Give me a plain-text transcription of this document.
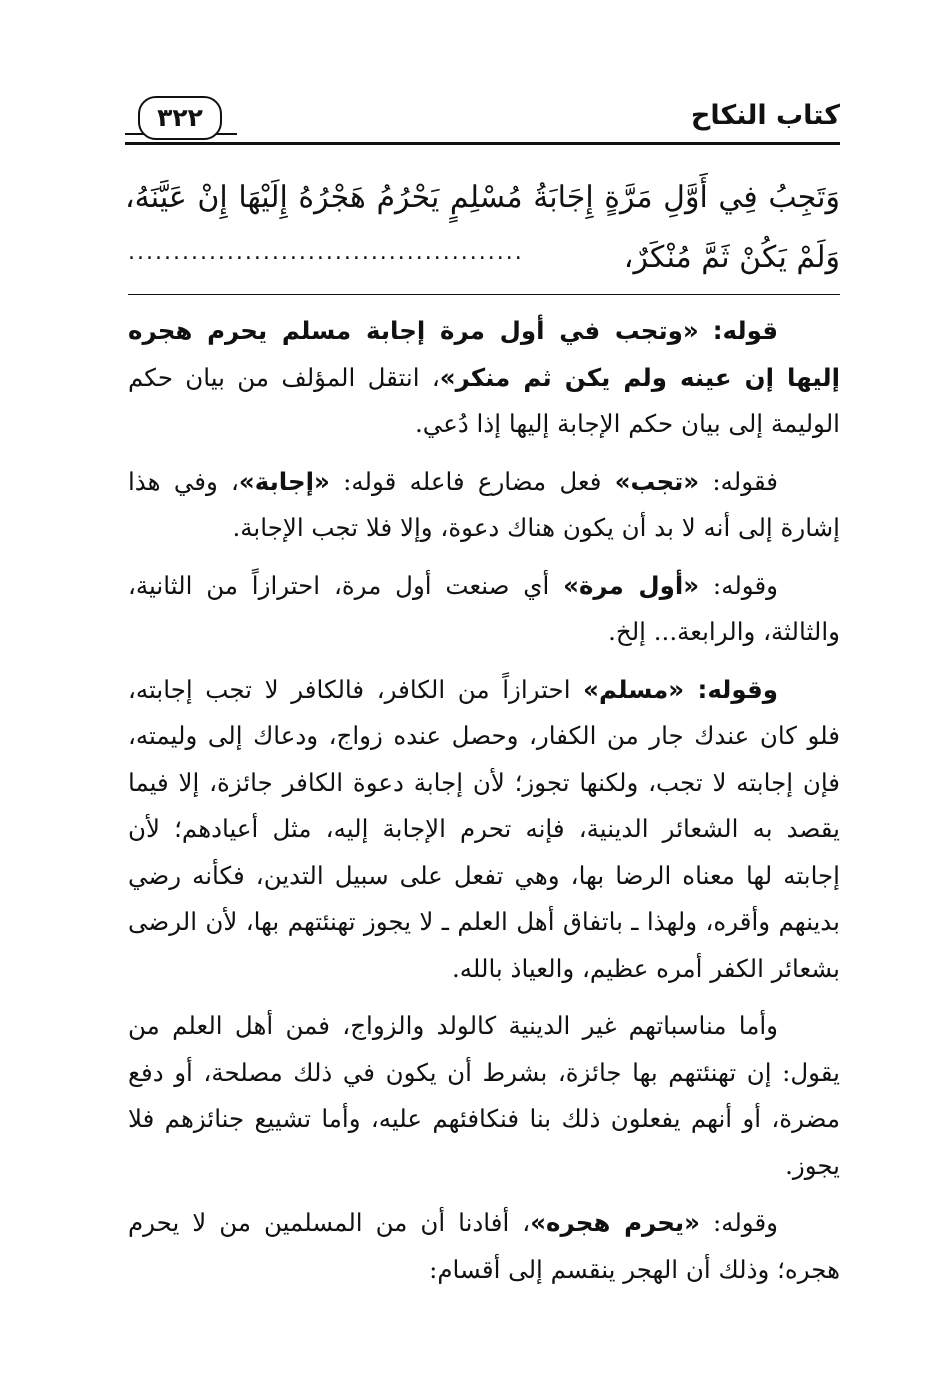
٣٢٢	كتاب النكاح
وَتَجِبُ فِي أَوَّلِ مَرَّةٍ إِجَابَةُ مُسْلِمٍ يَحْرُمُ هَجْرُهُ إِلَيْهَا إِنْ عَيَّنَهُ،
وَلَمْ يَكُنْ ثَمَّ مُنْكَرٌ،
............................................

قوله: «وتجب في أول مرة إجابة مسلم يحرم هجره إليها إن عينه ولم يكن ثم منكر»، انتقل المؤلف من بيان حكم الوليمة إلى بيان حكم الإجابة إليها إذا دُعي.

فقوله: «تجب» فعل مضارع فاعله قوله: «إجابة»، وفي هذا إشارة إلى أنه لا بد أن يكون هناك دعوة، وإلا فلا تجب الإجابة.

وقوله: «أول مرة» أي صنعت أول مرة، احترازاً من الثانية، والثالثة، والرابعة... إلخ.

وقوله: «مسلم» احترازاً من الكافر، فالكافر لا تجب إجابته، فلو كان عندك جار من الكفار، وحصل عنده زواج، ودعاك إلى وليمته، فإن إجابته لا تجب، ولكنها تجوز؛ لأن إجابة دعوة الكافر جائزة، إلا فيما يقصد به الشعائر الدينية، فإنه تحرم الإجابة إليه، مثل أعيادهم؛ لأن إجابته لها معناه الرضا بها، وهي تفعل على سبيل التدين، فكأنه رضي بدينهم وأقره، ولهذا ـ باتفاق أهل العلم ـ لا يجوز تهنئتهم بها، لأن الرضى بشعائر الكفر أمره عظيم، والعياذ بالله.

وأما مناسباتهم غير الدينية كالولد والزواج، فمن أهل العلم من يقول: إن تهنئتهم بها جائزة، بشرط أن يكون في ذلك مصلحة، أو دفع مضرة، أو أنهم يفعلون ذلك بنا فنكافئهم عليه، وأما تشييع جنائزهم فلا يجوز.

وقوله: «يحرم هجره»، أفادنا أن من المسلمين من لا يحرم هجره؛ وذلك أن الهجر ينقسم إلى أقسام:
